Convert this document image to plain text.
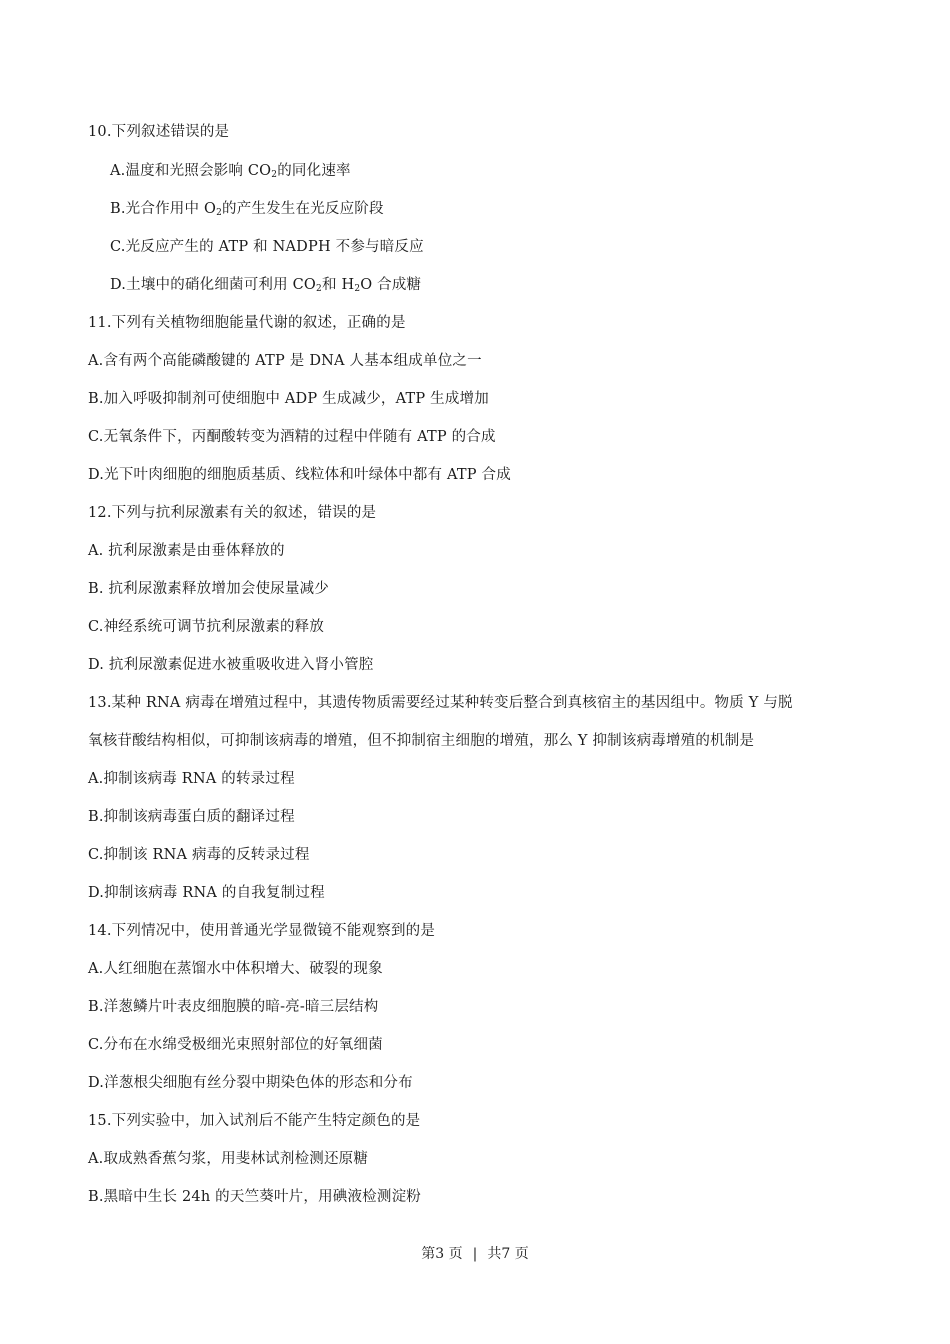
10.下列叙述错误的是
A.温度和光照会影响 $CO_2$的同化速率
B.光合作用中 $O_2$的产生发生在光反应阶段
C.光反应产生的 ATP 和 NADPH 不参与暗反应
D.土壤中的硝化细菌可利用 $CO_2$和 $H_2O$ 合成糖
11.下列有关植物细胞能量代谢的叙述，正确的是
A.含有两个高能磷酸键的 ATP 是 DNA 人基本组成单位之一
B.加入呼吸抑制剂可使细胞中 ADP 生成减少，ATP 生成增加
C.无氧条件下，丙酮酸转变为酒精的过程中伴随有 ATP 的合成
D.光下叶肉细胞的细胞质基质、线粒体和叶绿体中都有 ATP 合成
12.下列与抗利尿激素有关的叙述，错误的是
A. 抗利尿激素是由垂体释放的
B. 抗利尿激素释放增加会使尿量减少
C.神经系统可调节抗利尿激素的释放
D. 抗利尿激素促进水被重吸收进入肾小管腔
13.某种 RNA 病毒在增殖过程中，其遗传物质需要经过某种转变后整合到真核宿主的基因组中。物质 Y 与脱
氧核苷酸结构相似，可抑制该病毒的增殖，但不抑制宿主细胞的增殖，那么 Y 抑制该病毒增殖的机制是
A.抑制该病毒 RNA 的转录过程
B.抑制该病毒蛋白质的翻译过程
C.抑制该 RNA 病毒的反转录过程
D.抑制该病毒 RNA 的自我复制过程
14.下列情况中，使用普通光学显微镜不能观察到的是
A.人红细胞在蒸馏水中体积增大、破裂的现象
B.洋葱鳞片叶表皮细胞膜的暗-亮-暗三层结构
C.分布在水绵受极细光束照射部位的好氧细菌
D.洋葱根尖细胞有丝分裂中期染色体的形态和分布
15.下列实验中，加入试剂后不能产生特定颜色的是
A.取成熟香蕉匀浆，用斐林试剂检测还原糖
B.黑暗中生长 24h 的天竺葵叶片，用碘液检测淀粉
第3 页 | 共7 页
